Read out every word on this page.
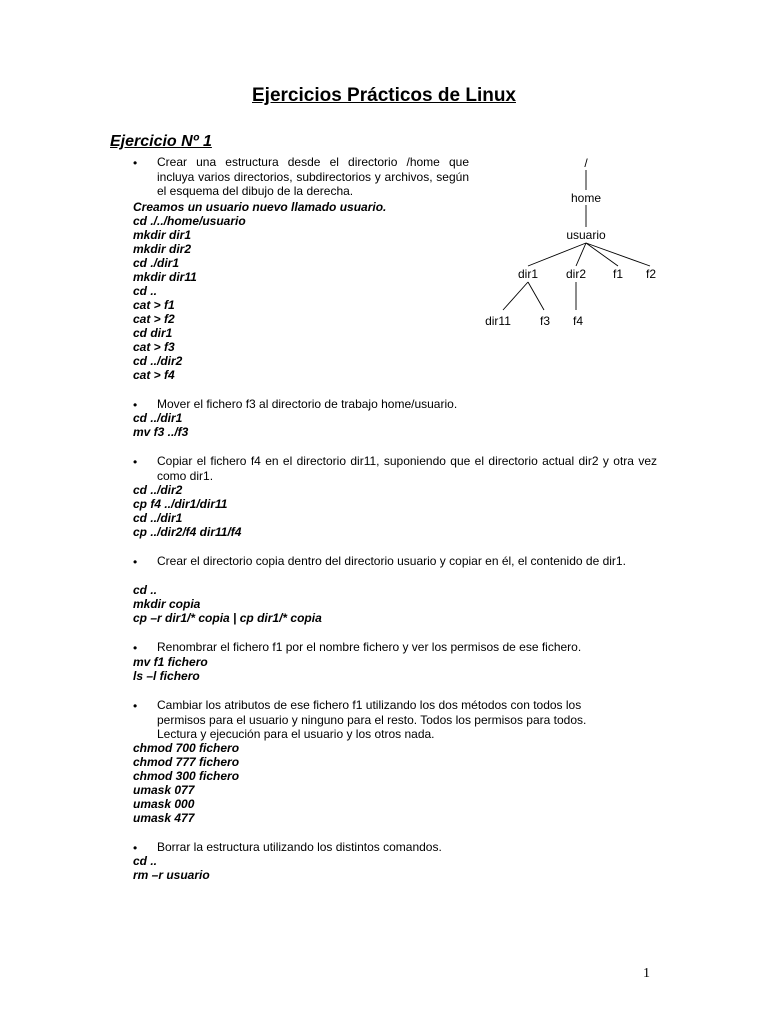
Ejercicios Prácticos de Linux
Ejercicio Nº 1
• Crear una estructura desde el directorio /home que incluya varios directorios, subdirectorios y archivos, según el esquema del dibujo de la derecha.
Creamos un usuario nuevo llamado usuario.
cd ./../home/usuario
mkdir dir1
mkdir dir2
cd ./dir1
mkdir dir11
cd ..
cat > f1
cat > f2
cd dir1
cat > f3
cd ../dir2
cat > f4
• Mover el fichero f3 al directorio de trabajo home/usuario.
cd ../dir1
mv f3 ../f3
• Copiar el fichero f4 en el directorio dir11, suponiendo que el directorio actual dir2 y otra vez como dir1.
cd ../dir2
cp f4 ../dir1/dir11
cd ../dir1
cp ../dir2/f4 dir11/f4
• Crear el directorio copia dentro del directorio usuario y copiar en él, el contenido de dir1.
cd ..
mkdir copia
cp –r dir1/* copia | cp dir1/* copia
• Renombrar el fichero f1 por el nombre fichero y ver los permisos de ese fichero.
mv f1 fichero
ls –l fichero
• Cambiar los atributos de ese fichero f1 utilizando los dos métodos con todos los permisos para el usuario y ninguno para el resto. Todos los permisos para todos. Lectura y ejecución para el usuario y los otros nada.
chmod 700 fichero
chmod 777 fichero
chmod 300 fichero
umask 077
umask 000
umask 477
• Borrar la estructura utilizando los distintos comandos.
cd ..
rm –r usuario
/
home
usuario
dir1 dir2 f1 f2
dir11 f3 f4
1
